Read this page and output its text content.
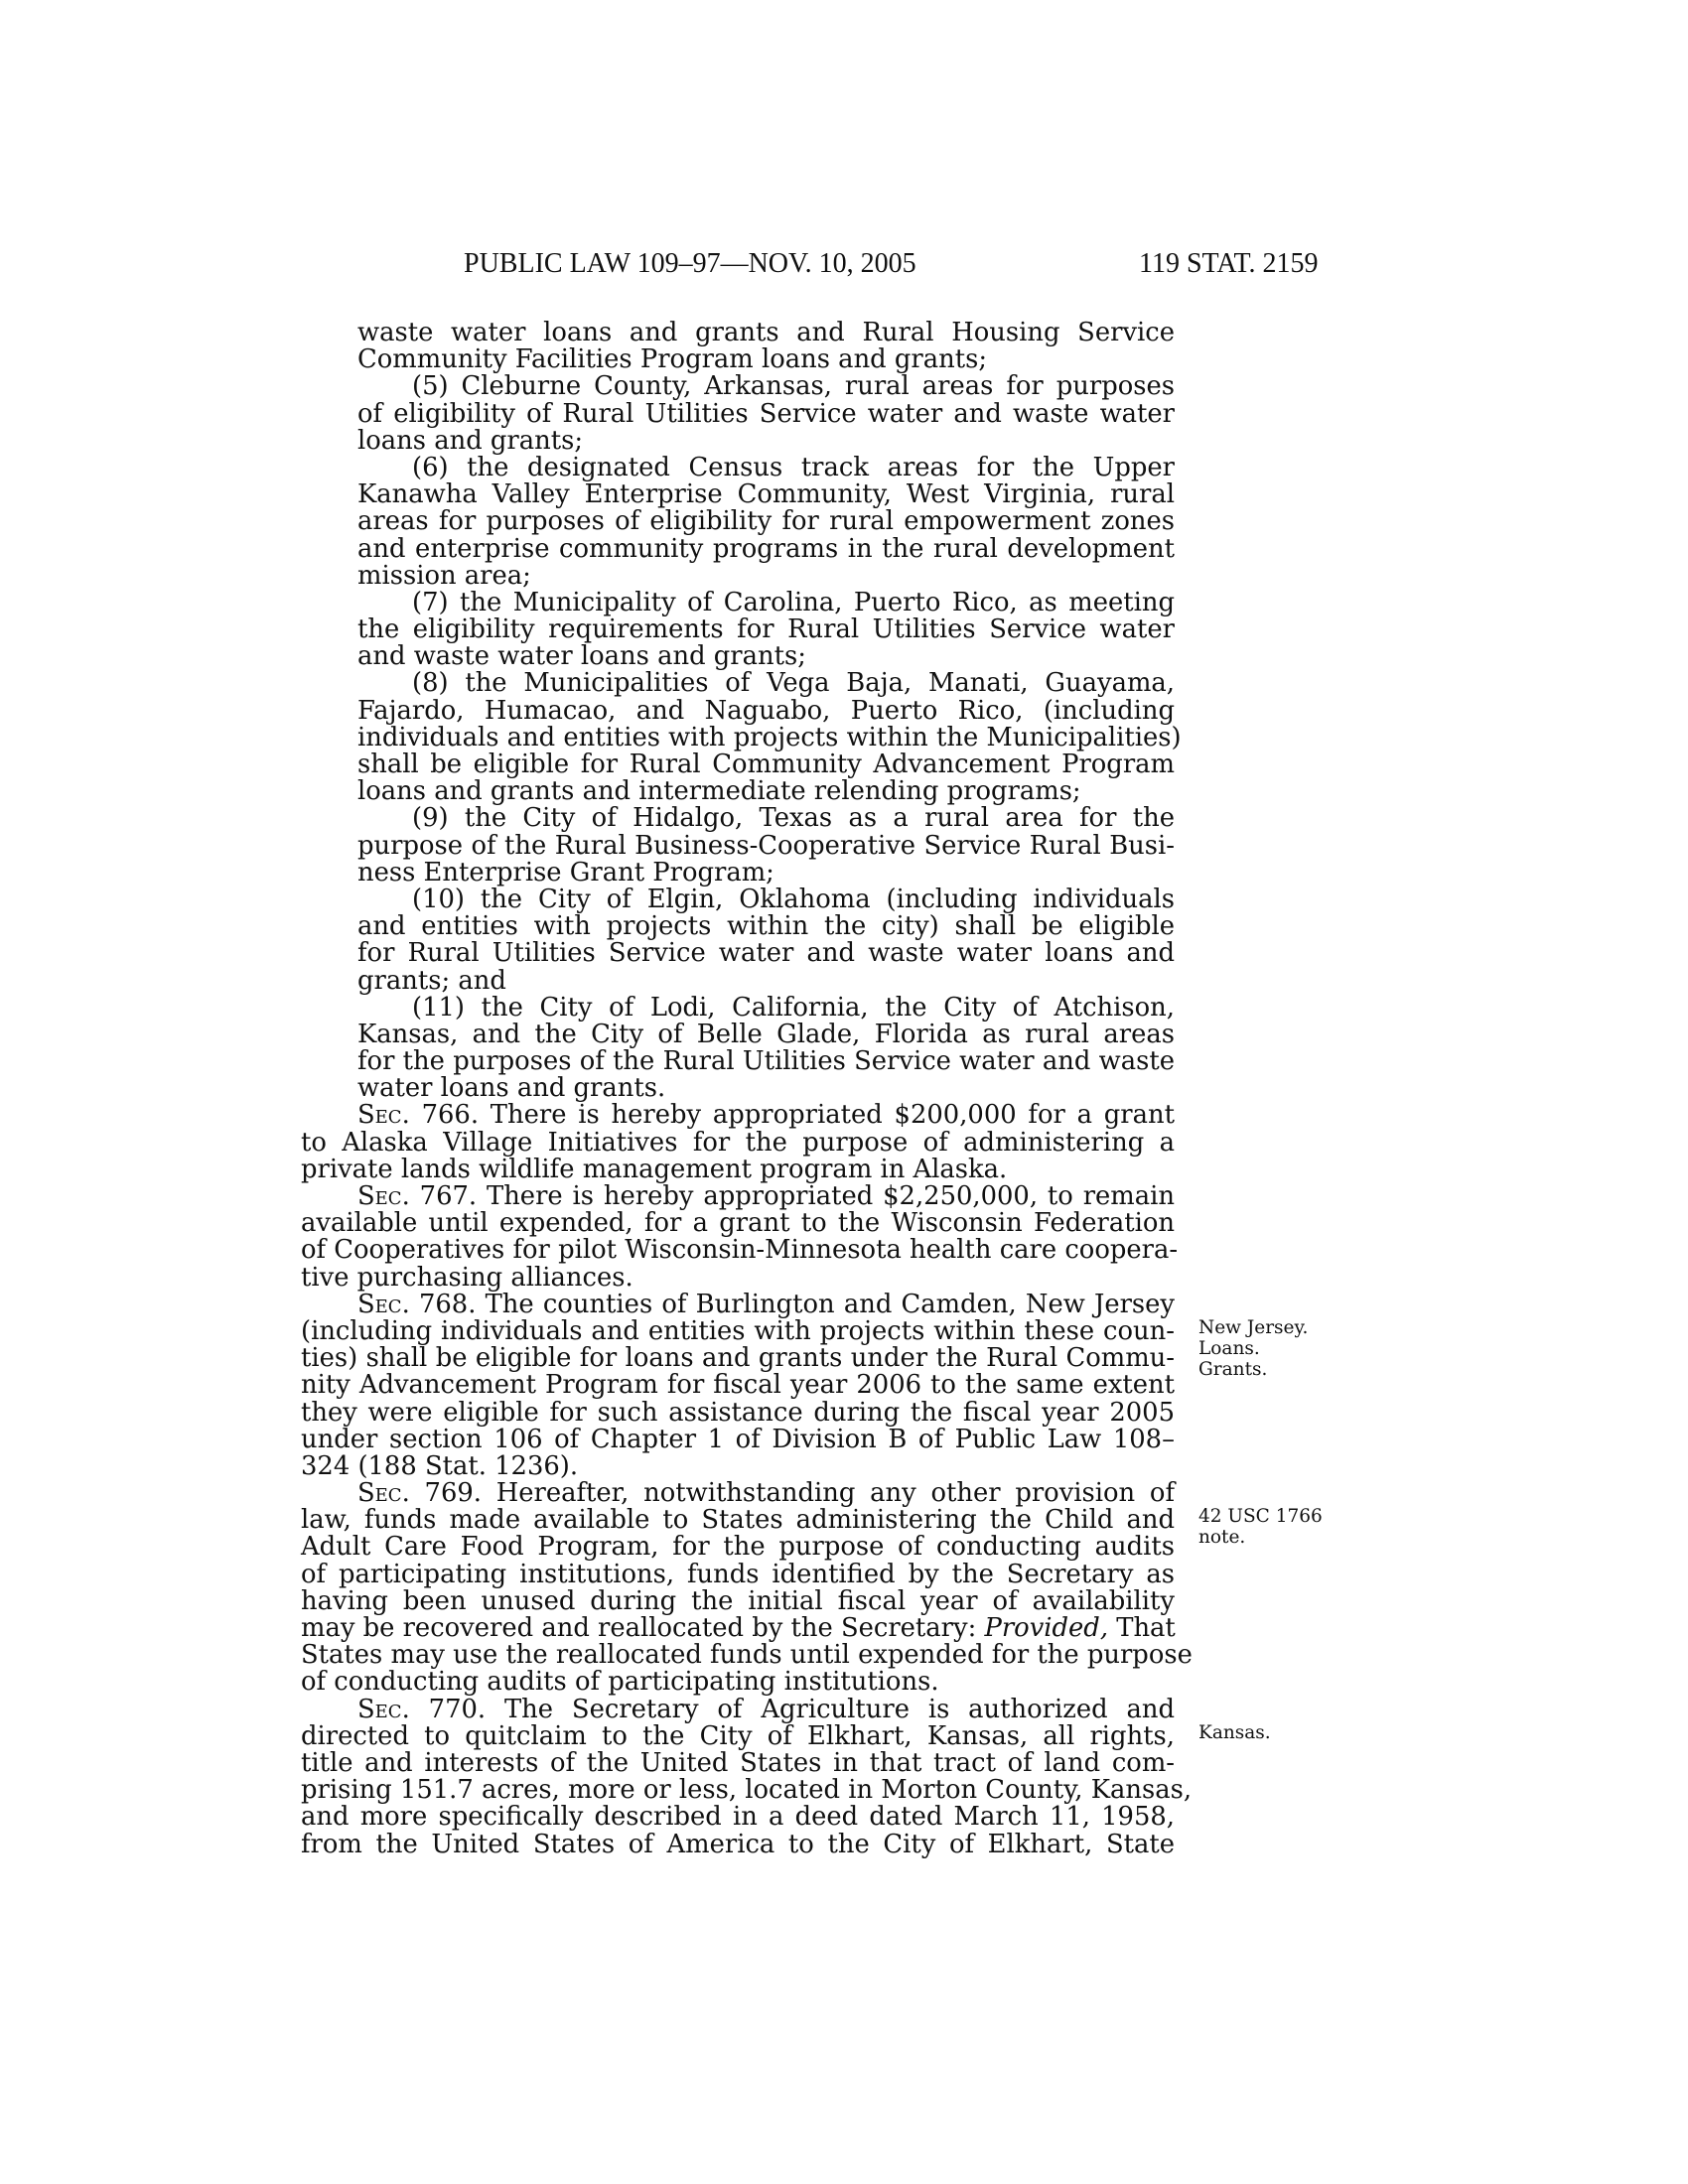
PUBLIC LAW 109–97—NOV. 10, 2005	119 STAT. 2159
waste water loans and grants and Rural Housing Service
Community Facilities Program loans and grants;
(5) Cleburne County, Arkansas, rural areas for purposes
of eligibility of Rural Utilities Service water and waste water
loans and grants;
(6) the designated Census track areas for the Upper
Kanawha Valley Enterprise Community, West Virginia, rural
areas for purposes of eligibility for rural empowerment zones
and enterprise community programs in the rural development
mission area;
(7) the Municipality of Carolina, Puerto Rico, as meeting
the eligibility requirements for Rural Utilities Service water
and waste water loans and grants;
(8) the Municipalities of Vega Baja, Manati, Guayama,
Fajardo, Humacao, and Naguabo, Puerto Rico, (including
individuals and entities with projects within the Municipalities)
shall be eligible for Rural Community Advancement Program
loans and grants and intermediate relending programs;
(9) the City of Hidalgo, Texas as a rural area for the
purpose of the Rural Business-Cooperative Service Rural Busi-
ness Enterprise Grant Program;
(10) the City of Elgin, Oklahoma (including individuals
and entities with projects within the city) shall be eligible
for Rural Utilities Service water and waste water loans and
grants; and
(11) the City of Lodi, California, the City of Atchison,
Kansas, and the City of Belle Glade, Florida as rural areas
for the purposes of the Rural Utilities Service water and waste
water loans and grants.
Sec. 766. There is hereby appropriated $200,000 for a grant
to Alaska Village Initiatives for the purpose of administering a
private lands wildlife management program in Alaska.
Sec. 767. There is hereby appropriated $2,250,000, to remain
available until expended, for a grant to the Wisconsin Federation
of Cooperatives for pilot Wisconsin-Minnesota health care coopera-
tive purchasing alliances.
Sec. 768. The counties of Burlington and Camden, New Jersey
(including individuals and entities with projects within these coun-
ties) shall be eligible for loans and grants under the Rural Commu-
nity Advancement Program for fiscal year 2006 to the same extent
they were eligible for such assistance during the fiscal year 2005
under section 106 of Chapter 1 of Division B of Public Law 108–
324 (188 Stat. 1236).
Sec. 769. Hereafter, notwithstanding any other provision of
law, funds made available to States administering the Child and
Adult Care Food Program, for the purpose of conducting audits
of participating institutions, funds identified by the Secretary as
having been unused during the initial fiscal year of availability
may be recovered and reallocated by the Secretary: Provided, That
States may use the reallocated funds until expended for the purpose
of conducting audits of participating institutions.
Sec. 770. The Secretary of Agriculture is authorized and
directed to quitclaim to the City of Elkhart, Kansas, all rights,
title and interests of the United States in that tract of land com-
prising 151.7 acres, more or less, located in Morton County, Kansas,
and more specifically described in a deed dated March 11, 1958,
from the United States of America to the City of Elkhart, State
New Jersey.
Loans.
Grants.
42 USC 1766
note.
Kansas.
